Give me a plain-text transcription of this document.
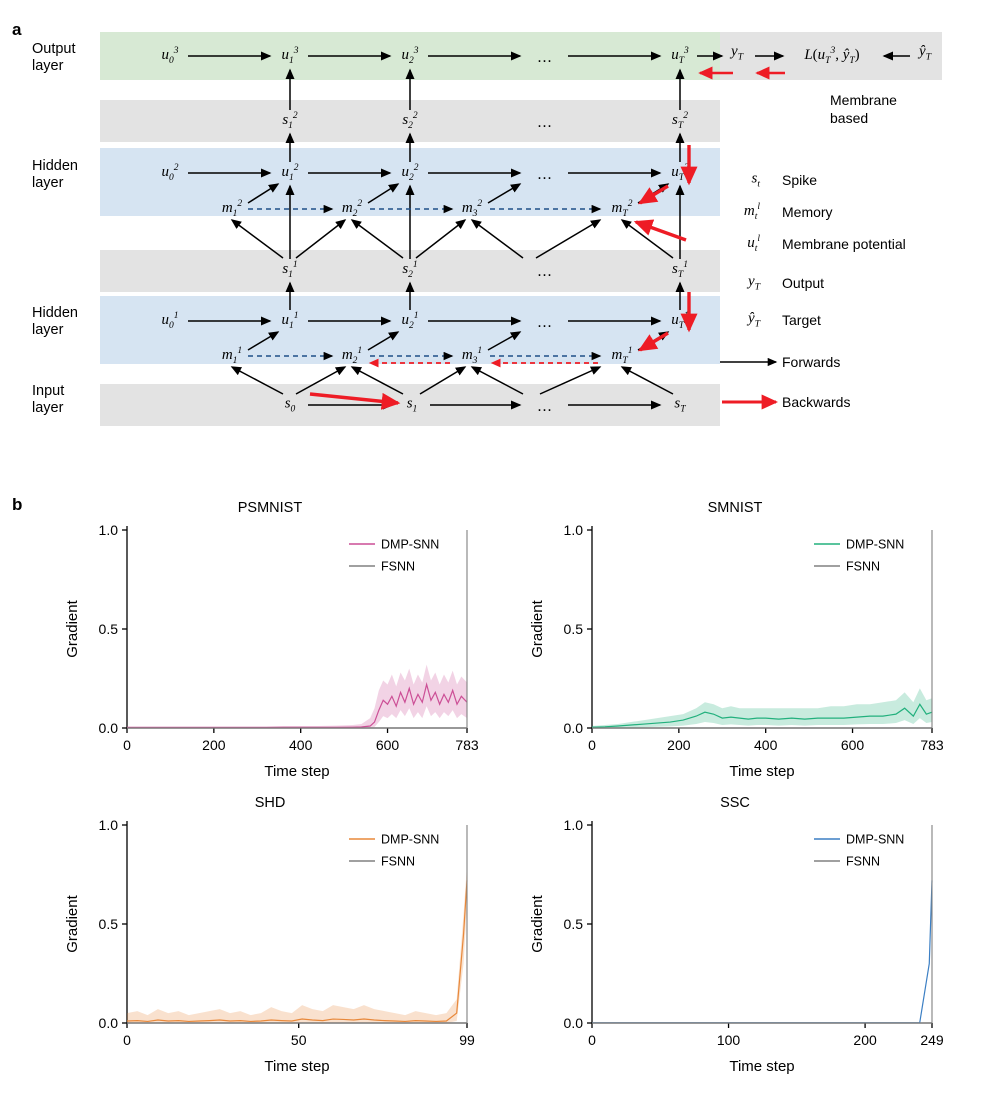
a
Output
layer
Hidden
layer
Hidden
layer
Input
layer
$u_0^3$	$u_1^3$	$u_2^3$	...	$u_T^3$	$y_T$	$L(u_T^3$, $ŷ_T$)	$ŷ_T$
$s_1^2$	$s_2^2$	...	$s_T^2$
$u_0^2$	$u_1^2$	$u_2^2$	...	$u_T^2$
$m_1^2$	$m_2^2$	$m_3^2$	$m_T^2$
$s_1^1$	$s_2^1$	...	$s_T^1$
$u_0^1$	$u_1^1$	$u_2^1$	...	$u_T^1$
$m_1^1$	$m_2^1$	$m_3^1$	$m_T^1$
$s_0$	$s_1$	...	$s_T$
Membrane
based
$s_t$ Spike
$m_t^l$ Memory
$u_t^l$ Membrane potential
$y_T$ Output
$ŷ_T$ Target
Forwards
Backwards
b	PSMNIST
0.0
0.5
1.0
0	200	400	600	783
Time step
Gradient
DMP-SNN
FSNN
SMNIST
0.0
0.5
1.0
0	200	400	600	783
Time step
Gradient
DMP-SNN
FSNN
SHD
0.0
0.5
1.0
0	50	99
Time step
Gradient
DMP-SNN
FSNN
SSC
0.0
0.5
1.0
0	100	200	249
Time step
Gradient
DMP-SNN
FSNN
